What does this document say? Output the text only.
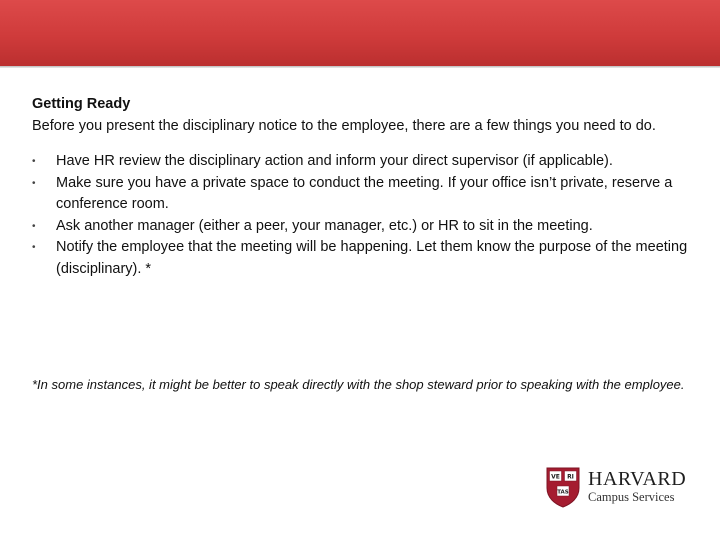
Getting Ready

Before you present the disciplinary notice to the employee, there are a few things you need to do.

• Have HR review the disciplinary action and inform your direct supervisor (if applicable).
• Make sure you have a private space to conduct the meeting. If your office isn’t private, reserve a conference room.
• Ask another manager (either a peer, your manager, etc.) or HR to sit in the meeting.
• Notify the employee that the meeting will be happening. Let them know the purpose of the meeting (disciplinary). *
*In some instances, it might be better to speak directly with the shop steward prior to speaking with the employee.
VE RI
TAS
HARVARD
Campus Services
